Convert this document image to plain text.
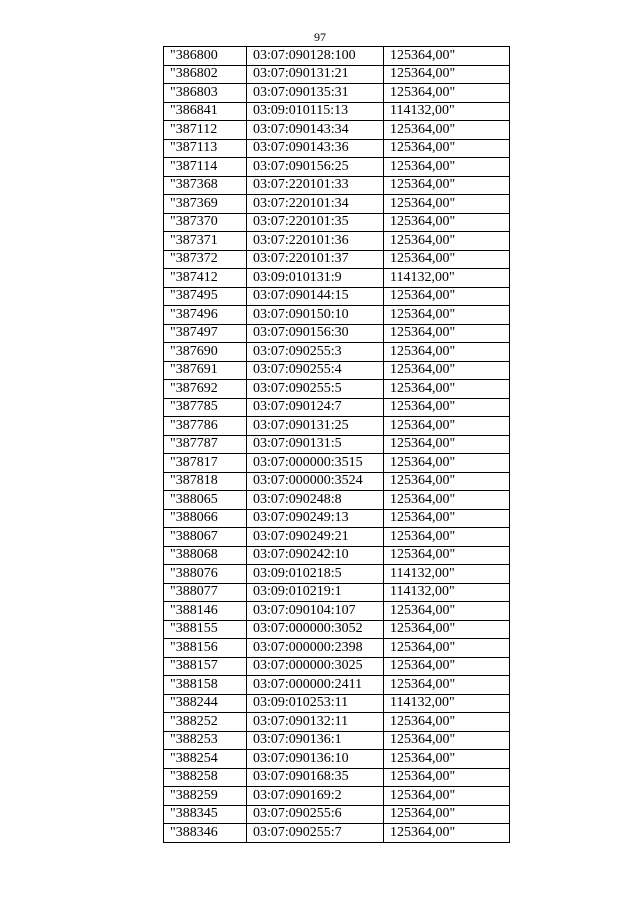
97
"386800	03:07:090128:100	125364,00"
"386802	03:07:090131:21	125364,00"
"386803	03:07:090135:31	125364,00"
"386841	03:09:010115:13	114132,00"
"387112	03:07:090143:34	125364,00"
"387113	03:07:090143:36	125364,00"
"387114	03:07:090156:25	125364,00"
"387368	03:07:220101:33	125364,00"
"387369	03:07:220101:34	125364,00"
"387370	03:07:220101:35	125364,00"
"387371	03:07:220101:36	125364,00"
"387372	03:07:220101:37	125364,00"
"387412	03:09:010131:9	114132,00"
"387495	03:07:090144:15	125364,00"
"387496	03:07:090150:10	125364,00"
"387497	03:07:090156:30	125364,00"
"387690	03:07:090255:3	125364,00"
"387691	03:07:090255:4	125364,00"
"387692	03:07:090255:5	125364,00"
"387785	03:07:090124:7	125364,00"
"387786	03:07:090131:25	125364,00"
"387787	03:07:090131:5	125364,00"
"387817	03:07:000000:3515	125364,00"
"387818	03:07:000000:3524	125364,00"
"388065	03:07:090248:8	125364,00"
"388066	03:07:090249:13	125364,00"
"388067	03:07:090249:21	125364,00"
"388068	03:07:090242:10	125364,00"
"388076	03:09:010218:5	114132,00"
"388077	03:09:010219:1	114132,00"
"388146	03:07:090104:107	125364,00"
"388155	03:07:000000:3052	125364,00"
"388156	03:07:000000:2398	125364,00"
"388157	03:07:000000:3025	125364,00"
"388158	03:07:000000:2411	125364,00"
"388244	03:09:010253:11	114132,00"
"388252	03:07:090132:11	125364,00"
"388253	03:07:090136:1	125364,00"
"388254	03:07:090136:10	125364,00"
"388258	03:07:090168:35	125364,00"
"388259	03:07:090169:2	125364,00"
"388345	03:07:090255:6	125364,00"
"388346	03:07:090255:7	125364,00"
